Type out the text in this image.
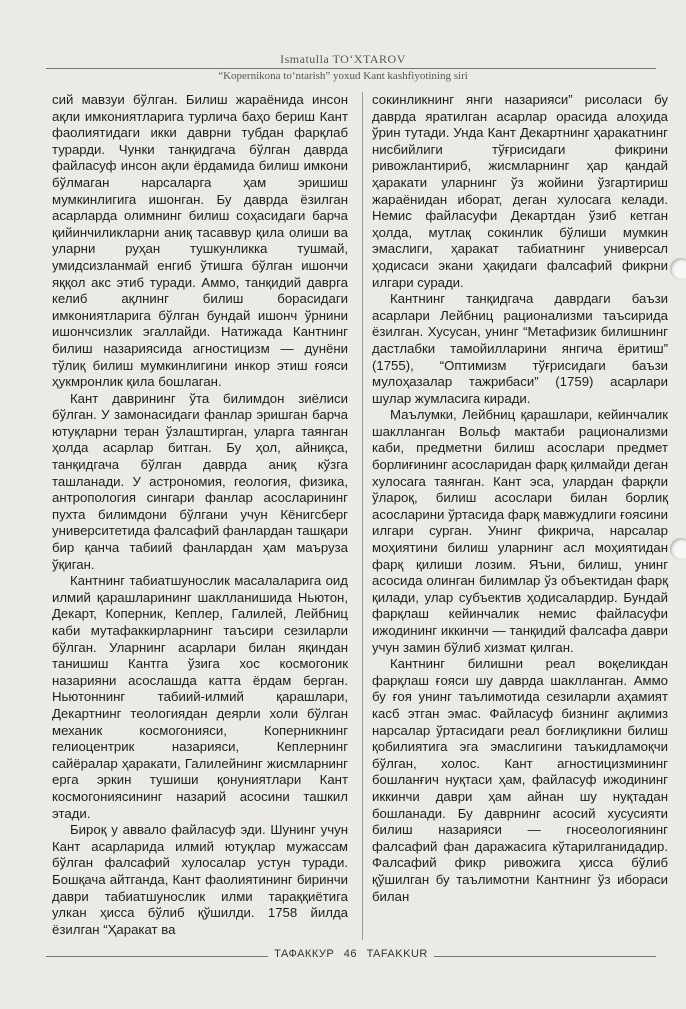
Ismatulla TO‘XTAROV
“Kopernikona to‘ntarish” yoxud Kant kashfiyotining siri

сий мавзуи бўлган. Билиш жараёнида инсон ақли имкониятларига турлича баҳо бериш Кант фаолиятидаги икки даврни тубдан фарқлаб турарди. Чунки танқидгача бўлган даврда файласуф инсон ақли ёрдамида билиш имкони бўлмаган нарсаларга ҳам эришиш мумкинлигига ишонган. Бу даврда ёзилган асарларда олимнинг билиш соҳасидаги барча қийинчиликларни аниқ тасаввур қила олиши ва уларни руҳан тушкунликка тушмай, умидсизланмай енгиб ўтишга бўлган ишончи яққол акс этиб туради. Аммо, танқидий даврга келиб ақлнинг билиш борасидаги имкониятларига бўлган бундай ишонч ўрнини ишончсизлик эгаллайди. Натижада Кантнинг билиш назариясида агностицизм — дунёни тўлиқ билиш мумкинлигини инкор этиш ғояси ҳукмронлик қила бошлаган.

Кант даврининг ўта билимдон зиёлиси бўлган. У замонасидаги фанлар эришган барча ютуқларни теран ўзлаштирган, уларга таянган ҳолда асарлар битган. Бу ҳол, айниқса, танқидгача бўлган даврда аниқ кўзга ташланади. У астрономия, геология, физика, антропология сингари фанлар асосларининг пухта билимдони бўлгани учун Кёнигсберг университетида фалсафий фанлардан ташқари бир қанча табиий фанлардан ҳам маъруза ўқиган.

Кантнинг табиатшунослик масалаларига оид илмий қарашларининг шаклланишида Ньютон, Декарт, Коперник, Кеплер, Галилей, Лейбниц каби мутафаккирларнинг таъсири сезиларли бўлган. Уларнинг асарлари билан яқиндан танишиш Кантга ўзига хос космогоник назарияни асослашда катта ёрдам берган. Ньютоннинг табиий-илмий қарашлари, Декартнинг теологиядан деярли холи бўлган механик космогонияси, Коперникнинг гелиоцентрик назарияси, Кеплернинг сайёралар ҳаракати, Галилейнинг жисмларнинг ерга эркин тушиши қонуниятлари Кант космогониясининг назарий асосини ташкил этади.

Бироқ у аввало файласуф эди. Шунинг учун Кант асарларида илмий ютуқлар мужассам бўлган фалсафий хулосалар устун туради. Бошқача айтганда, Кант фаолиятининг биринчи даври табиатшунослик илми тараққиётига улкан ҳисса бўлиб қўшилди. 1758 йилда ёзилган “Ҳаракат ва

сокинликнинг янги назарияси” рисоласи бу даврда яратилган асарлар орасида алоҳида ўрин тутади. Унда Кант Декартнинг ҳаракатнинг нисбийлиги тўғрисидаги фикрини ривожлантириб, жисмларнинг ҳар қандай ҳаракати уларнинг ўз жойини ўзгартириш жараёнидан иборат, деган хулосага келади. Немис файласуфи Декартдан ўзиб кетган ҳолда, мутлақ сокинлик бўлиши мумкин эмаслиги, ҳаракат табиатнинг универсал ҳодисаси экани ҳақидаги фалсафий фикрни илгари суради.

Кантнинг танқидгача даврдаги баъзи асарлари Лейбниц рационализми таъсирида ёзилган. Хусусан, унинг “Метафизик билишнинг дастлабки тамойилларини янгича ёритиш” (1755), “Оптимизм тўғрисидаги баъзи мулоҳазалар тажрибаси” (1759) асарлари шулар жумласига киради.

Маълумки, Лейбниц қарашлари, кейинчалик шаклланган Вольф мактаби рационализми каби, предметни билиш асослари предмет борлиғининг асосларидан фарқ қилмайди деган хулосага таянган. Кант эса, улардан фарқли ўлароқ, билиш асослари билан борлиқ асосларини ўртасида фарқ мавжудлиги ғоясини илгари сурган. Унинг фикрича, нарсалар моҳиятини билиш уларнинг асл моҳиятидан фарқ қилиши лозим. Яъни, билиш, унинг асосида олинган билимлар ўз объектидан фарқ қилади, улар субъектив ҳодисалардир. Бундай фарқлаш кейинчалик немис файласуфи ижодининг иккинчи — танқидий фалсафа даври учун замин бўлиб хизмат қилган.

Кантнинг билишни реал воқеликдан фарқлаш ғояси шу даврда шаклланган. Аммо бу ғоя унинг таълимотида сезиларли аҳамият касб этган эмас. Файласуф бизнинг ақлимиз нарсалар ўртасидаги реал боғлиқликни билиш қобилиятига эга эмаслигини таъкидламоқчи бўлган, холос. Кант агностицизмининг бошланғич нуқтаси ҳам, файласуф ижодининг иккинчи даври ҳам айнан шу нуқтадан бошланади. Бу даврнинг асосий хусусияти билиш назарияси — гносеологиянинг фалсафий фан даражасига кўтарилганидадир. Фалсафий фикр ривожига ҳисса бўлиб қўшилган бу таълимотни Кантнинг ўз ибораси билан

ТАФАККУР 46 TAFAKKUR
